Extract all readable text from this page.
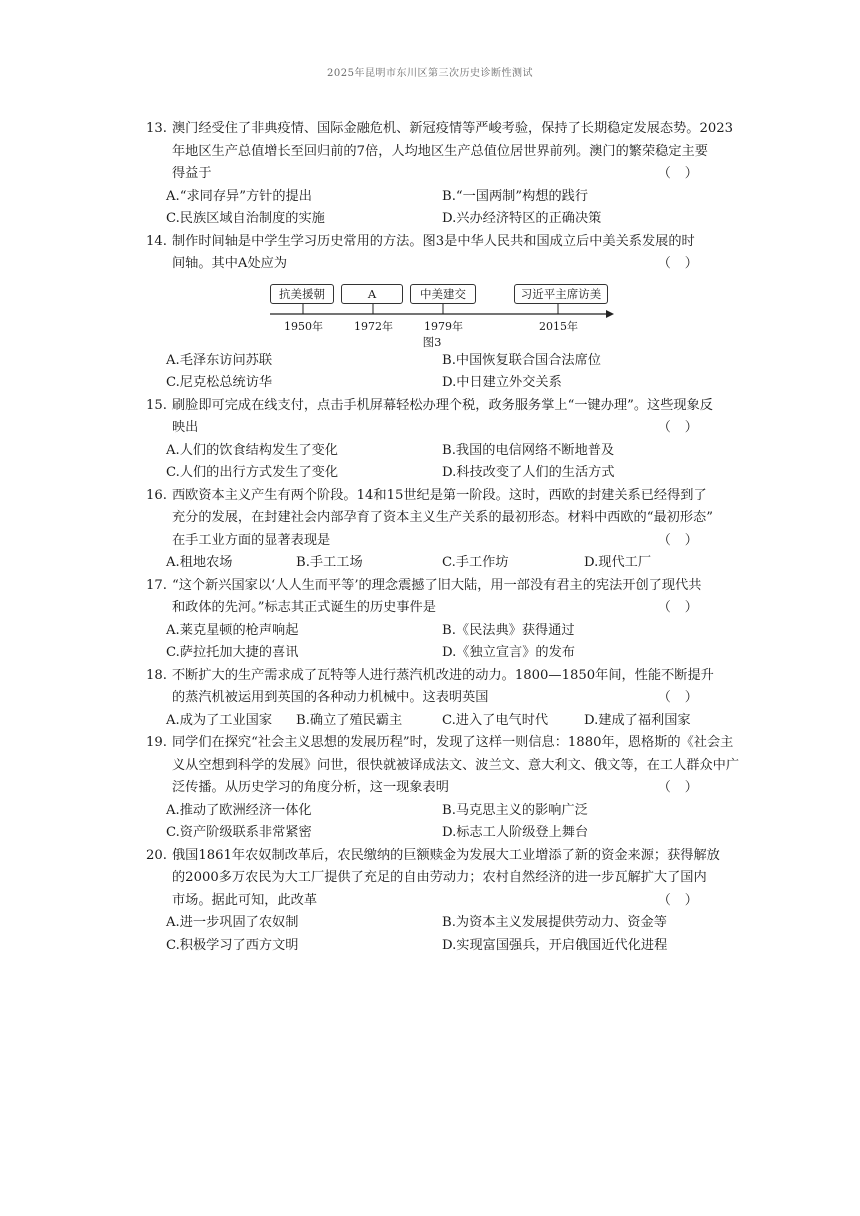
2025年昆明市东川区第三次历史诊断性测试
13. 澳门经受住了非典疫情、国际金融危机、新冠疫情等严峻考验，保持了长期稳定发展态势。2023
年地区生产总值增长至回归前的7倍，人均地区生产总值位居世界前列。澳门的繁荣稳定主要
得益于	（）
A.“求同存异”方针的提出	B.“一国两制”构想的践行
C.民族区域自治制度的实施	D.兴办经济特区的正确决策
14. 制作时间轴是中学生学习历史常用的方法。图3是中华人民共和国成立后中美关系发展的时
间轴。其中A处应为	（）
抗美援朝	A	中美建交	习近平主席访美
1950年	1972年	1979年	2015年
图3
A.毛泽东访问苏联	B.中国恢复联合国合法席位
C.尼克松总统访华	D.中日建立外交关系
15. 刷脸即可完成在线支付，点击手机屏幕轻松办理个税，政务服务掌上“一键办理”。这些现象反
映出	（）
A.人们的饮食结构发生了变化	B.我国的电信网络不断地普及
C.人们的出行方式发生了变化	D.科技改变了人们的生活方式
16. 西欧资本主义产生有两个阶段。14和15世纪是第一阶段。这时，西欧的封建关系已经得到了
充分的发展，在封建社会内部孕育了资本主义生产关系的最初形态。材料中西欧的“最初形态”
在手工业方面的显著表现是	（）
A.租地农场	B.手工工场	C.手工作坊	D.现代工厂
17. “这个新兴国家以‘人人生而平等’的理念震撼了旧大陆，用一部没有君主的宪法开创了现代共
和政体的先河。”标志其正式诞生的历史事件是	（）
A.莱克星顿的枪声响起	B.《民法典》获得通过
C.萨拉托加大捷的喜讯	D.《独立宣言》的发布
18. 不断扩大的生产需求成了瓦特等人进行蒸汽机改进的动力。1800—1850年间，性能不断提升
的蒸汽机被运用到英国的各种动力机械中。这表明英国	（）
A.成为了工业国家 B.确立了殖民霸主	C.进入了电气时代	D.建成了福利国家
19. 同学们在探究“社会主义思想的发展历程”时，发现了这样一则信息：1880年，恩格斯的《社会主
义从空想到科学的发展》问世，很快就被译成法文、波兰文、意大利文、俄文等，在工人群众中广
泛传播。从历史学习的角度分析，这一现象表明	（）
A.推动了欧洲经济一体化	B.马克思主义的影响广泛
C.资产阶级联系非常紧密	D.标志工人阶级登上舞台
20. 俄国1861年农奴制改革后，农民缴纳的巨额赎金为发展大工业增添了新的资金来源；获得解放
的2000多万农民为大工厂提供了充足的自由劳动力；农村自然经济的进一步瓦解扩大了国内
市场。据此可知，此改革	（）
A.进一步巩固了农奴制	B.为资本主义发展提供劳动力、资金等
C.积极学习了西方文明	D.实现富国强兵，开启俄国近代化进程
